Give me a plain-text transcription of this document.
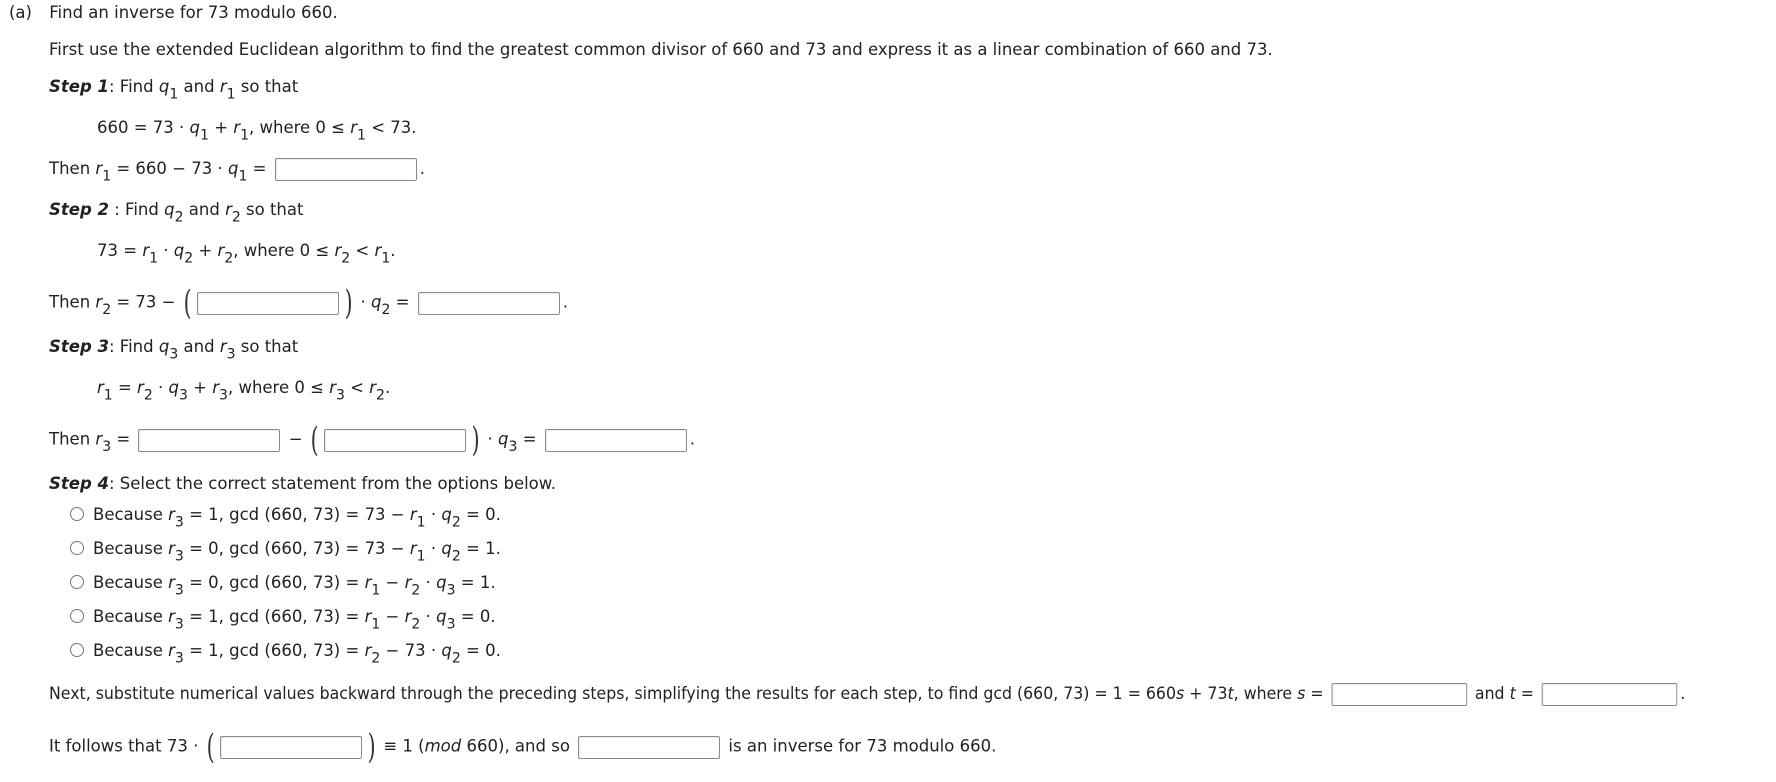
(a) Find an inverse for 73 modulo 660.
First use the extended Euclidean algorithm to find the greatest common divisor of 660 and 73 and express it as a linear combination of 660 and 73.
Step 1: Find $q_1$ and $r_1$ so that
$660 = 73 \cdot q_1 + r_1$, where $0 \le r_1 < 73$.
Then $r_1 = 660 - 73 \cdot q_1$ =	.
Step 2 : Find $q_2$ and $r_2$ so that
$73 = r_1 \cdot q_2 + r_2$, where $0 \le r_2 < r_1$.
Then $r_2 = 73$ − (	) · $q_2$ =	.
Step 3: Find $q_3$ and $r_3$ so that
$r_1 = r_2 \cdot q_3 + r_3$, where $0 \le r_3 < r_2$.
Then $r_3$ =	− (	) · $q_3$ =	.
Step 4: Select the correct statement from the options below.
Because $r_3 = 1$, gcd (660, $73) = 73 - r_1 \cdot q_2 = 0$.
Because $r_3 = 0$, gcd (660, $73) = 73 - r_1 \cdot q_2 = 1$.
Because $r_3 = 0$, gcd (660, $73) = r_1 - r_2 \cdot q_3 = 1$.
Because $r_3 = 1$, gcd (660, $73) = r_1 - r_2 \cdot q_3 = 0$.
Because $r_3 = 1$, gcd (660, $73) = r_2 - 73 \cdot q_2 = 0$.
Next, substitute numerical values backward through the preceding steps, simplifying the results for each step, to find gcd (660, 73) = 1 = 660s + 73t, where s =	and t =	.
It follows that 73 · (	) ≡ 1 (mod 660), and so	is an inverse for 73 modulo 660.
